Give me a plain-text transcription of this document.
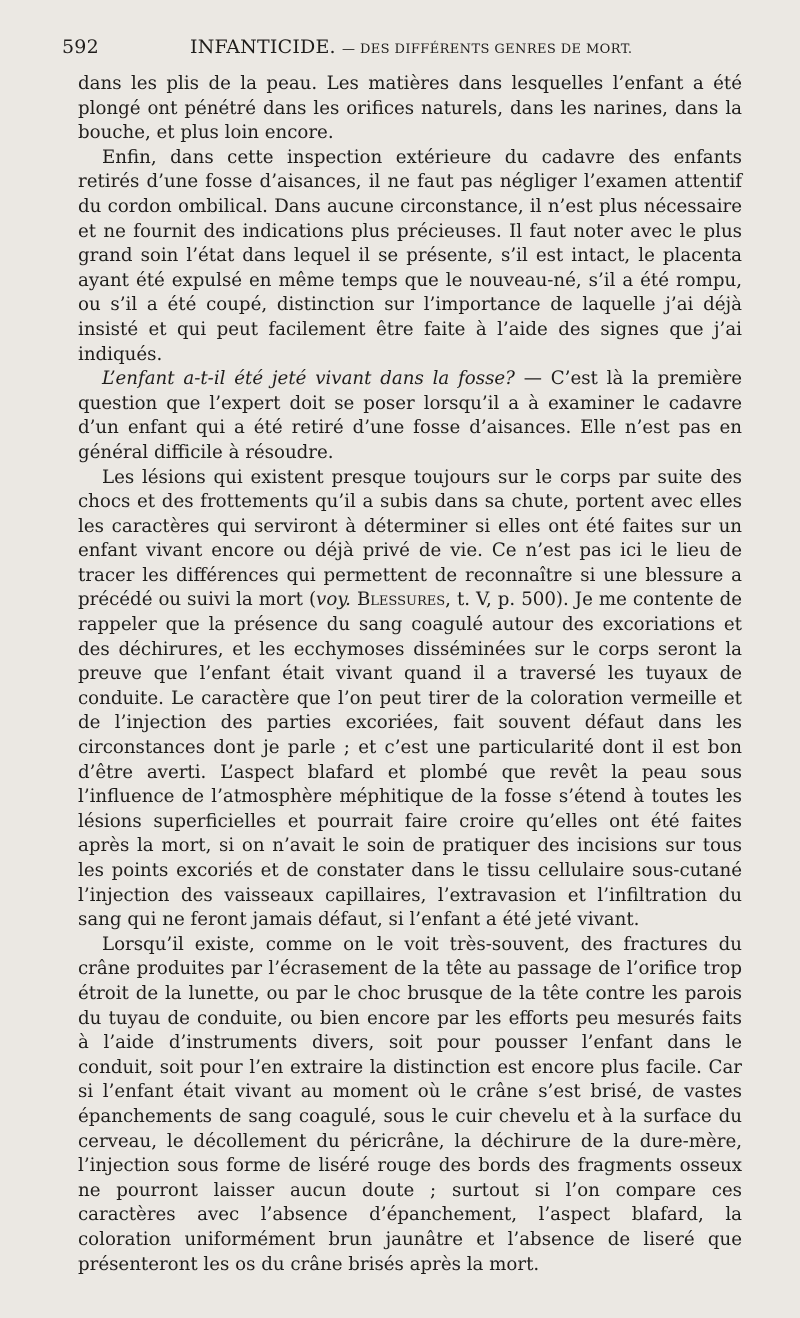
592	INFANTICIDE. — DES DIFFÉRENTS GENRES DE MORT.

dans les plis de la peau. Les matières dans lesquelles l’enfant a été plongé ont pénétré dans les orifices naturels, dans les narines, dans la bouche, et plus loin encore.

Enfin, dans cette inspection extérieure du cadavre des enfants retirés d’une fosse d’aisances, il ne faut pas négliger l’examen attentif du cordon ombilical. Dans aucune circonstance, il n’est plus nécessaire et ne fournit des indications plus précieuses. Il faut noter avec le plus grand soin l’état dans lequel il se présente, s’il est intact, le placenta ayant été expulsé en même temps que le nouveau-né, s’il a été rompu, ou s’il a été coupé, distinction sur l’importance de laquelle j’ai déjà insisté et qui peut facilement être faite à l’aide des signes que j’ai indiqués.

L’enfant a-t-il été jeté vivant dans la fosse? — C’est là la première question que l’expert doit se poser lorsqu’il a à examiner le cadavre d’un enfant qui a été retiré d’une fosse d’aisances. Elle n’est pas en général difficile à résoudre.

Les lésions qui existent presque toujours sur le corps par suite des chocs et des frottements qu’il a subis dans sa chute, portent avec elles les caractères qui serviront à déterminer si elles ont été faites sur un enfant vivant encore ou déjà privé de vie. Ce n’est pas ici le lieu de tracer les différences qui permettent de reconnaître si une blessure a précédé ou suivi la mort (voy. Blessures, t. V, p. 500). Je me contente de rappeler que la présence du sang coagulé autour des excoriations et des déchirures, et les ecchymoses disséminées sur le corps seront la preuve que l’enfant était vivant quand il a traversé les tuyaux de conduite. Le caractère que l’on peut tirer de la coloration vermeille et de l’injection des parties excoriées, fait souvent défaut dans les circonstances dont je parle ; et c’est une particularité dont il est bon d’être averti. L’aspect blafard et plombé que revêt la peau sous l’influence de l’atmosphère méphitique de la fosse s’étend à toutes les lésions superficielles et pourrait faire croire qu’elles ont été faites après la mort, si on n’avait le soin de pratiquer des incisions sur tous les points excoriés et de constater dans le tissu cellulaire sous-cutané l’injection des vaisseaux capillaires, l’extravasion et l’infiltration du sang qui ne feront jamais défaut, si l’enfant a été jeté vivant.

Lorsqu’il existe, comme on le voit très-souvent, des fractures du crâne produites par l’écrasement de la tête au passage de l’orifice trop étroit de la lunette, ou par le choc brusque de la tête contre les parois du tuyau de conduite, ou bien encore par les efforts peu mesurés faits à l’aide d’instruments divers, soit pour pousser l’enfant dans le conduit, soit pour l’en extraire la distinction est encore plus facile. Car si l’enfant était vivant au moment où le crâne s’est brisé, de vastes épanchements de sang coagulé, sous le cuir chevelu et à la surface du cerveau, le décollement du péricrâne, la déchirure de la dure-mère, l’injection sous forme de liséré rouge des bords des fragments osseux ne pourront laisser aucun doute ; surtout si l’on compare ces caractères avec l’absence d’épanchement, l’aspect blafard, la coloration uniformément brun jaunâtre et l’absence de liseré que présenteront les os du crâne brisés après la mort.
